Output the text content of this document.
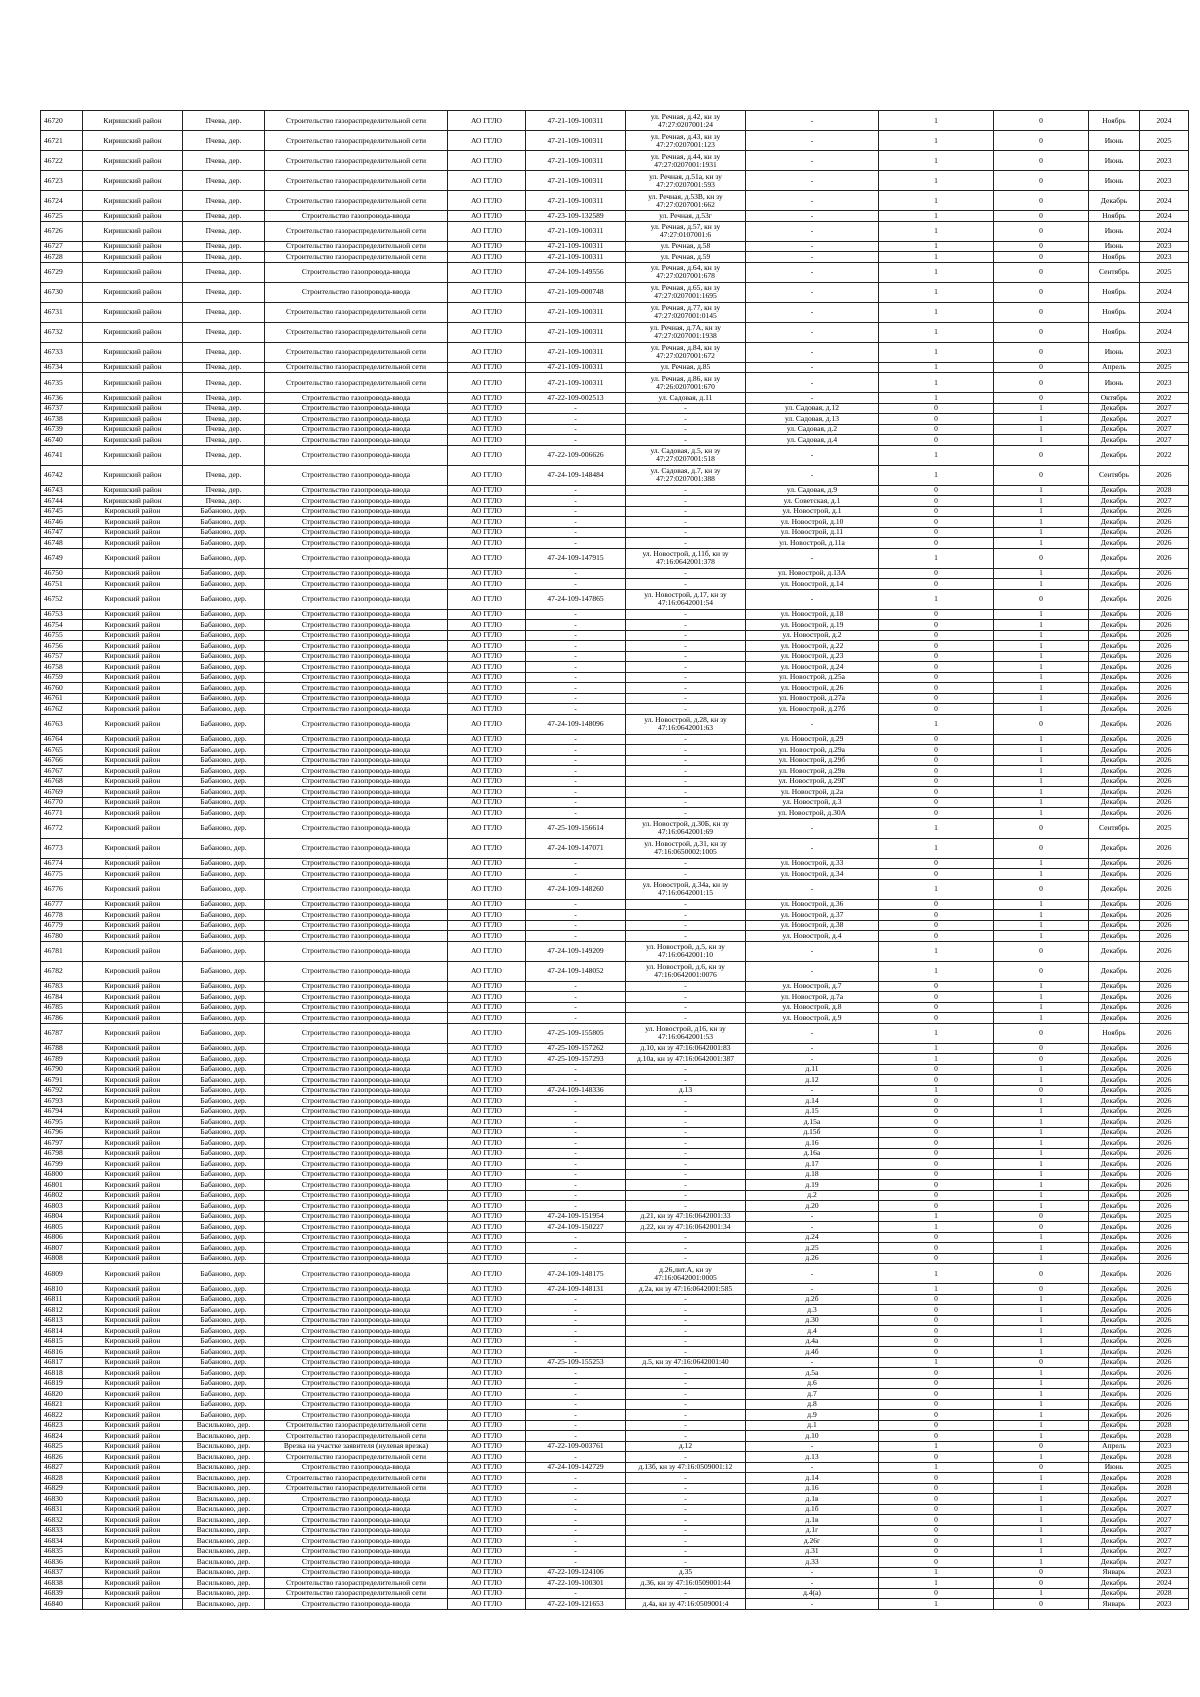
46720	Киришский район	Пчева, дер.	Строительство газораспределительной сети	АО ГГЛО	47-21-109-100311	ул. Речная, д.42, кн зу 47:27:0207001:24	-	1	0	Ноябрь	2024
46721	Киришский район	Пчева, дер.	Строительство газораспределительной сети	АО ГГЛО	47-21-109-100311	ул. Речная, д.43, кн зу 47:27:0207001:123	-	1	0	Июнь	2025
46722	Киришский район	Пчева, дер.	Строительство газораспределительной сети	АО ГГЛО	47-21-109-100311	ул. Речная, д.44, кн зу 47:27:0207001:1931	-	1	0	Июнь	2023
46723	Киришский район	Пчева, дер.	Строительство газораспределительной сети	АО ГГЛО	47-21-109-100311	ул. Речная, д.51а, кн зу 47:27:0207001:593	-	1	0	Июнь	2023
46724	Киришский район	Пчева, дер.	Строительство газораспределительной сети	АО ГГЛО	47-21-109-100311	ул. Речная, д.53В, кн зу 47:27:0207001:662	-	1	0	Декабрь	2024
46725	Киришский район	Пчева, дер.	Строительство газопровода-ввода	АО ГГЛО	47-23-109-132589	ул. Речная, д.53г	-	1	0	Ноябрь	2024
46726	Киришский район	Пчева, дер.	Строительство газораспределительной сети	АО ГГЛО	47-21-109-100311	ул. Речная, д.57, кн зу 47:27:0107001:6	-	1	0	Июнь	2024
46727	Киришский район	Пчева, дер.	Строительство газораспределительной сети	АО ГГЛО	47-21-109-100311	ул. Речная, д.58	-	1	0	Июнь	2023
46728	Киришский район	Пчева, дер.	Строительство газораспределительной сети	АО ГГЛО	47-21-109-100311	ул. Речная, д.59	-	1	0	Ноябрь	2023
46729	Киришский район	Пчева, дер.	Строительство газопровода-ввода	АО ГГЛО	47-24-109-149556	ул. Речная, д.64, кн зу 47:27:0207001:678	-	1	0	Сентябрь	2025
46730	Киришский район	Пчева, дер.	Строительство газопровода-ввода	АО ГГЛО	47-21-109-000748	ул. Речная, д.65, кн зу 47:27:0207001:1695	-	1	0	Ноябрь	2024
46731	Киришский район	Пчева, дер.	Строительство газораспределительной сети	АО ГГЛО	47-21-109-100311	ул. Речная, д.77, кн зу 47:27:0207001:0145	-	1	0	Ноябрь	2024
46732	Киришский район	Пчева, дер.	Строительство газораспределительной сети	АО ГГЛО	47-21-109-100311	ул. Речная, д.7А, кн зу 47:27:0207001:1938	-	1	0	Ноябрь	2024
46733	Киришский район	Пчева, дер.	Строительство газораспределительной сети	АО ГГЛО	47-21-109-100311	ул. Речная, д.84, кн зу 47:27:0207001:672	-	1	0	Июнь	2023
46734	Киришский район	Пчева, дер.	Строительство газораспределительной сети	АО ГГЛО	47-21-109-100311	ул. Речная, д.85	-	1	0	Апрель	2025
46735	Киришский район	Пчева, дер.	Строительство газораспределительной сети	АО ГГЛО	47-21-109-100311	ул. Речная, д.86, кн зу 47:26:0207001:670	-	1	0	Июнь	2023
46736	Киришский район	Пчева, дер.	Строительство газопровода-ввода	АО ГГЛО	47-22-109-002513	ул. Садовая, д.11	-	1	0	Октябрь	2022
46737	Киришский район	Пчева, дер.	Строительство газопровода-ввода	АО ГГЛО	-	-	ул. Садовая, д.12	0	1	Декабрь	2027
46738	Киришский район	Пчева, дер.	Строительство газопровода-ввода	АО ГГЛО	-	-	ул. Садовая, д.13	0	1	Декабрь	2027
46739	Киришский район	Пчева, дер.	Строительство газопровода-ввода	АО ГГЛО	-	-	ул. Садовая, д.2	0	1	Декабрь	2027
46740	Киришский район	Пчева, дер.	Строительство газопровода-ввода	АО ГГЛО	-	-	ул. Садовая, д.4	0	1	Декабрь	2027
46741	Киришский район	Пчева, дер.	Строительство газопровода-ввода	АО ГГЛО	47-22-109-006626	ул. Садовая, д.5, кн зу 47:27:0207001:518	-	1	0	Декабрь	2022
46742	Киришский район	Пчева, дер.	Строительство газопровода-ввода	АО ГГЛО	47-24-109-148484	ул. Садовая, д.7, кн зу 47:27:0207001:388	-	1	0	Сентябрь	2026
46743	Киришский район	Пчева, дер.	Строительство газопровода-ввода	АО ГГЛО	-	-	ул. Садовая, д.9	0	1	Декабрь	2028
46744	Киришский район	Пчева, дер.	Строительство газопровода-ввода	АО ГГЛО	-	-	ул. Советская, д.1	0	1	Декабрь	2027
46745	Кировский район	Бабаново, дер.	Строительство газопровода-ввода	АО ГГЛО	-	-	ул. Новострой, д.1	0	1	Декабрь	2026
46746	Кировский район	Бабаново, дер.	Строительство газопровода-ввода	АО ГГЛО	-	-	ул. Новострой, д.10	0	1	Декабрь	2026
46747	Кировский район	Бабаново, дер.	Строительство газопровода-ввода	АО ГГЛО	-	-	ул. Новострой, д.11	0	1	Декабрь	2026
46748	Кировский район	Бабаново, дер.	Строительство газопровода-ввода	АО ГГЛО	-	-	ул. Новострой, д.11а	0	1	Декабрь	2026
46749	Кировский район	Бабаново, дер.	Строительство газопровода-ввода	АО ГГЛО	47-24-109-147915	ул. Новострой, д.11б, кн зу 47:16:0642001:378	-	1	0	Декабрь	2026
46750	Кировский район	Бабаново, дер.	Строительство газопровода-ввода	АО ГГЛО	-	-	ул. Новострой, д.13А	0	1	Декабрь	2026
46751	Кировский район	Бабаново, дер.	Строительство газопровода-ввода	АО ГГЛО	-	-	ул. Новострой, д.14	0	1	Декабрь	2026
46752	Кировский район	Бабаново, дер.	Строительство газопровода-ввода	АО ГГЛО	47-24-109-147865	ул. Новострой, д.17, кн зу 47:16:0642001:54	-	1	0	Декабрь	2026
46753	Кировский район	Бабаново, дер.	Строительство газопровода-ввода	АО ГГЛО	-	-	ул. Новострой, д.18	0	1	Декабрь	2026
46754	Кировский район	Бабаново, дер.	Строительство газопровода-ввода	АО ГГЛО	-	-	ул. Новострой, д.19	0	1	Декабрь	2026
46755	Кировский район	Бабаново, дер.	Строительство газопровода-ввода	АО ГГЛО	-	-	ул. Новострой, д.2	0	1	Декабрь	2026
46756	Кировский район	Бабаново, дер.	Строительство газопровода-ввода	АО ГГЛО	-	-	ул. Новострой, д.22	0	1	Декабрь	2026
46757	Кировский район	Бабаново, дер.	Строительство газопровода-ввода	АО ГГЛО	-	-	ул. Новострой, д.23	0	1	Декабрь	2026
46758	Кировский район	Бабаново, дер.	Строительство газопровода-ввода	АО ГГЛО	-	-	ул. Новострой, д.24	0	1	Декабрь	2026
46759	Кировский район	Бабаново, дер.	Строительство газопровода-ввода	АО ГГЛО	-	-	ул. Новострой, д.25а	0	1	Декабрь	2026
46760	Кировский район	Бабаново, дер.	Строительство газопровода-ввода	АО ГГЛО	-	-	ул. Новострой, д.26	0	1	Декабрь	2026
46761	Кировский район	Бабаново, дер.	Строительство газопровода-ввода	АО ГГЛО	-	-	ул. Новострой, д.27а	0	1	Декабрь	2026
46762	Кировский район	Бабаново, дер.	Строительство газопровода-ввода	АО ГГЛО	-	-	ул. Новострой, д.27б	0	1	Декабрь	2026
46763	Кировский район	Бабаново, дер.	Строительство газопровода-ввода	АО ГГЛО	47-24-109-148096	ул. Новострой, д.28, кн зу 47:16:0642001:63	-	1	0	Декабрь	2026
46764	Кировский район	Бабаново, дер.	Строительство газопровода-ввода	АО ГГЛО	-	-	ул. Новострой, д.29	0	1	Декабрь	2026
46765	Кировский район	Бабаново, дер.	Строительство газопровода-ввода	АО ГГЛО	-	-	ул. Новострой, д.29а	0	1	Декабрь	2026
46766	Кировский район	Бабаново, дер.	Строительство газопровода-ввода	АО ГГЛО	-	-	ул. Новострой, д.29б	0	1	Декабрь	2026
46767	Кировский район	Бабаново, дер.	Строительство газопровода-ввода	АО ГГЛО	-	-	ул. Новострой, д.29в	0	1	Декабрь	2026
46768	Кировский район	Бабаново, дер.	Строительство газопровода-ввода	АО ГГЛО	-	-	ул. Новострой, д.29Г	0	1	Декабрь	2026
46769	Кировский район	Бабаново, дер.	Строительство газопровода-ввода	АО ГГЛО	-	-	ул. Новострой, д.2а	0	1	Декабрь	2026
46770	Кировский район	Бабаново, дер.	Строительство газопровода-ввода	АО ГГЛО	-	-	ул. Новострой, д.3	0	1	Декабрь	2026
46771	Кировский район	Бабаново, дер.	Строительство газопровода-ввода	АО ГГЛО	-	-	ул. Новострой, д.30А	0	1	Декабрь	2026
46772	Кировский район	Бабаново, дер.	Строительство газопровода-ввода	АО ГГЛО	47-25-109-156614	ул. Новострой, д.30Б, кн зу 47:16:0642001:69	-	1	0	Сентябрь	2025
46773	Кировский район	Бабаново, дер.	Строительство газопровода-ввода	АО ГГЛО	47-24-109-147071	ул. Новострой, д.31, кн зу 47:16:0650002:1005	-	1	0	Декабрь	2026
46774	Кировский район	Бабаново, дер.	Строительство газопровода-ввода	АО ГГЛО	-	-	ул. Новострой, д.33	0	1	Декабрь	2026
46775	Кировский район	Бабаново, дер.	Строительство газопровода-ввода	АО ГГЛО	-	-	ул. Новострой, д.34	0	1	Декабрь	2026
46776	Кировский район	Бабаново, дер.	Строительство газопровода-ввода	АО ГГЛО	47-24-109-148260	ул. Новострой, д.34а, кн зу 47:16:0642001:15	-	1	0	Декабрь	2026
46777	Кировский район	Бабаново, дер.	Строительство газопровода-ввода	АО ГГЛО	-	-	ул. Новострой, д.36	0	1	Декабрь	2026
46778	Кировский район	Бабаново, дер.	Строительство газопровода-ввода	АО ГГЛО	-	-	ул. Новострой, д.37	0	1	Декабрь	2026
46779	Кировский район	Бабаново, дер.	Строительство газопровода-ввода	АО ГГЛО	-	-	ул. Новострой, д.38	0	1	Декабрь	2026
46780	Кировский район	Бабаново, дер.	Строительство газопровода-ввода	АО ГГЛО	-	-	ул. Новострой, д.4	0	1	Декабрь	2026
46781	Кировский район	Бабаново, дер.	Строительство газопровода-ввода	АО ГГЛО	47-24-109-149209	ул. Новострой, д.5, кн зу 47:16:0642001:10	-	1	0	Декабрь	2026
46782	Кировский район	Бабаново, дер.	Строительство газопровода-ввода	АО ГГЛО	47-24-109-148052	ул. Новострой, д.6, кн зу 47:16:0642001:0076	-	1	0	Декабрь	2026
46783	Кировский район	Бабаново, дер.	Строительство газопровода-ввода	АО ГГЛО	-	-	ул. Новострой, д.7	0	1	Декабрь	2026
46784	Кировский район	Бабаново, дер.	Строительство газопровода-ввода	АО ГГЛО	-	-	ул. Новострой, д.7а	0	1	Декабрь	2026
46785	Кировский район	Бабаново, дер.	Строительство газопровода-ввода	АО ГГЛО	-	-	ул. Новострой, д.8	0	1	Декабрь	2026
46786	Кировский район	Бабаново, дер.	Строительство газопровода-ввода	АО ГГЛО	-	-	ул. Новострой, д.9	0	1	Декабрь	2026
46787	Кировский район	Бабаново, дер.	Строительство газопровода-ввода	АО ГГЛО	47-25-109-155805	ул. Новострой, д16, кн зу 47:16:0642001:53	-	1	0	Ноябрь	2026
46788	Кировский район	Бабаново, дер.	Строительство газопровода-ввода	АО ГГЛО	47-25-109-157262	д.10, кн зу 47:16:0642001:83	-	1	0	Декабрь	2026
46789	Кировский район	Бабаново, дер.	Строительство газопровода-ввода	АО ГГЛО	47-25-109-157293	д.10а, кн зу 47:16:0642001:387	-	1	0	Декабрь	2026
46790	Кировский район	Бабаново, дер.	Строительство газопровода-ввода	АО ГГЛО	-	-	д.11	0	1	Декабрь	2026
46791	Кировский район	Бабаново, дер.	Строительство газопровода-ввода	АО ГГЛО	-	-	д.12	0	1	Декабрь	2026
46792	Кировский район	Бабаново, дер.	Строительство газопровода-ввода	АО ГГЛО	47-24-109-148336	д.13	-	1	0	Декабрь	2026
46793	Кировский район	Бабаново, дер.	Строительство газопровода-ввода	АО ГГЛО	-	-	д.14	0	1	Декабрь	2026
46794	Кировский район	Бабаново, дер.	Строительство газопровода-ввода	АО ГГЛО	-	-	д.15	0	1	Декабрь	2026
46795	Кировский район	Бабаново, дер.	Строительство газопровода-ввода	АО ГГЛО	-	-	д.15а	0	1	Декабрь	2026
46796	Кировский район	Бабаново, дер.	Строительство газопровода-ввода	АО ГГЛО	-	-	д.15б	0	1	Декабрь	2026
46797	Кировский район	Бабаново, дер.	Строительство газопровода-ввода	АО ГГЛО	-	-	д.16	0	1	Декабрь	2026
46798	Кировский район	Бабаново, дер.	Строительство газопровода-ввода	АО ГГЛО	-	-	д.16а	0	1	Декабрь	2026
46799	Кировский район	Бабаново, дер.	Строительство газопровода-ввода	АО ГГЛО	-	-	д.17	0	1	Декабрь	2026
46800	Кировский район	Бабаново, дер.	Строительство газопровода-ввода	АО ГГЛО	-	-	д.18	0	1	Декабрь	2026
46801	Кировский район	Бабаново, дер.	Строительство газопровода-ввода	АО ГГЛО	-	-	д.19	0	1	Декабрь	2026
46802	Кировский район	Бабаново, дер.	Строительство газопровода-ввода	АО ГГЛО	-	-	д.2	0	1	Декабрь	2026
46803	Кировский район	Бабаново, дер.	Строительство газопровода-ввода	АО ГГЛО	-	-	д.20	0	1	Декабрь	2026
46804	Кировский район	Бабаново, дер.	Строительство газопровода-ввода	АО ГГЛО	47-24-109-151954	д.21, кн зу 47:16:0642001:33	-	1	0	Декабрь	2025
46805	Кировский район	Бабаново, дер.	Строительство газопровода-ввода	АО ГГЛО	47-24-109-150227	д.22, кн зу 47:16:0642001:34	-	1	0	Декабрь	2026
46806	Кировский район	Бабаново, дер.	Строительство газопровода-ввода	АО ГГЛО	-	-	д.24	0	1	Декабрь	2026
46807	Кировский район	Бабаново, дер.	Строительство газопровода-ввода	АО ГГЛО	-	-	д.25	0	1	Декабрь	2026
46808	Кировский район	Бабаново, дер.	Строительство газопровода-ввода	АО ГГЛО	-	-	д.26	0	1	Декабрь	2026
46809	Кировский район	Бабаново, дер.	Строительство газопровода-ввода	АО ГГЛО	47-24-109-148175	д.26,лит.А, кн зу 47:16:0642001:0005	-	1	0	Декабрь	2026
46810	Кировский район	Бабаново, дер.	Строительство газопровода-ввода	АО ГГЛО	47-24-109-148131	д.2а, кн зу 47:16:0642001:585	-	1	0	Декабрь	2026
46811	Кировский район	Бабаново, дер.	Строительство газопровода-ввода	АО ГГЛО	-	-	д.2б	0	1	Декабрь	2026
46812	Кировский район	Бабаново, дер.	Строительство газопровода-ввода	АО ГГЛО	-	-	д.3	0	1	Декабрь	2026
46813	Кировский район	Бабаново, дер.	Строительство газопровода-ввода	АО ГГЛО	-	-	д.30	0	1	Декабрь	2026
46814	Кировский район	Бабаново, дер.	Строительство газопровода-ввода	АО ГГЛО	-	-	д.4	0	1	Декабрь	2026
46815	Кировский район	Бабаново, дер.	Строительство газопровода-ввода	АО ГГЛО	-	-	д.4а	0	1	Декабрь	2026
46816	Кировский район	Бабаново, дер.	Строительство газопровода-ввода	АО ГГЛО	-	-	д.4б	0	1	Декабрь	2026
46817	Кировский район	Бабаново, дер.	Строительство газопровода-ввода	АО ГГЛО	47-25-109-155253	д.5, кн зу 47:16:0642001:40	-	1	0	Декабрь	2026
46818	Кировский район	Бабаново, дер.	Строительство газопровода-ввода	АО ГГЛО	-	-	д.5а	0	1	Декабрь	2026
46819	Кировский район	Бабаново, дер.	Строительство газопровода-ввода	АО ГГЛО	-	-	д.6	0	1	Декабрь	2026
46820	Кировский район	Бабаново, дер.	Строительство газопровода-ввода	АО ГГЛО	-	-	д.7	0	1	Декабрь	2026
46821	Кировский район	Бабаново, дер.	Строительство газопровода-ввода	АО ГГЛО	-	-	д.8	0	1	Декабрь	2026
46822	Кировский район	Бабаново, дер.	Строительство газопровода-ввода	АО ГГЛО	-	-	д.9	0	1	Декабрь	2026
46823	Кировский район	Васильково, дер.	Строительство газораспределительной сети	АО ГГЛО	-	-	д.1	0	1	Декабрь	2028
46824	Кировский район	Васильково, дер.	Строительство газораспределительной сети	АО ГГЛО	-	-	д.10	0	1	Декабрь	2028
46825	Кировский район	Васильково, дер.	Врезка на участке заявителя (нулевая врезка)	АО ГГЛО	47-22-109-003761	д.12	-	1	0	Апрель	2023
46826	Кировский район	Васильково, дер.	Строительство газораспределительной сети	АО ГГЛО	-	-	д.13	0	1	Декабрь	2028
46827	Кировский район	Васильково, дер.	Строительство газопровода-ввода	АО ГГЛО	47-24-109-142729	д.13б, кн зу 47:16:0509001:12	-	1	0	Июнь	2025
46828	Кировский район	Васильково, дер.	Строительство газораспределительной сети	АО ГГЛО	-	-	д.14	0	1	Декабрь	2028
46829	Кировский район	Васильково, дер.	Строительство газораспределительной сети	АО ГГЛО	-	-	д.16	0	1	Декабрь	2028
46830	Кировский район	Васильково, дер.	Строительство газопровода-ввода	АО ГГЛО	-	-	д.1в	0	1	Декабрь	2027
46831	Кировский район	Васильково, дер.	Строительство газопровода-ввода	АО ГГЛО	-	-	д.1б	0	1	Декабрь	2027
46832	Кировский район	Васильково, дер.	Строительство газопровода-ввода	АО ГГЛО	-	-	д.1в	0	1	Декабрь	2027
46833	Кировский район	Васильково, дер.	Строительство газопровода-ввода	АО ГГЛО	-	-	д.1г	0	1	Декабрь	2027
46834	Кировский район	Васильково, дер.	Строительство газопровода-ввода	АО ГГЛО	-	-	д.26г	0	1	Декабрь	2027
46835	Кировский район	Васильково, дер.	Строительство газопровода-ввода	АО ГГЛО	-	-	д.31	0	1	Декабрь	2027
46836	Кировский район	Васильково, дер.	Строительство газопровода-ввода	АО ГГЛО	-	-	д.33	0	1	Декабрь	2027
46837	Кировский район	Васильково, дер.	Строительство газопровода-ввода	АО ГГЛО	47-22-109-124106	д.35	-	1	0	Январь	2023
46838	Кировский район	Васильково, дер.	Строительство газораспределительной сети	АО ГГЛО	47-22-109-100301	д.36, кн зу 47:16:0509001:44	-	1	0	Декабрь	2024
46839	Кировский район	Васильково, дер.	Строительство газораспределительной сети	АО ГГЛО	-	-	д.4(а)	0	1	Декабрь	2028
46840	Кировский район	Васильково, дер.	Строительство газопровода-ввода	АО ГГЛО	47-22-109-121653	д.4а, кн зу 47:16:0509001:4	-	1	0	Январь	2023
